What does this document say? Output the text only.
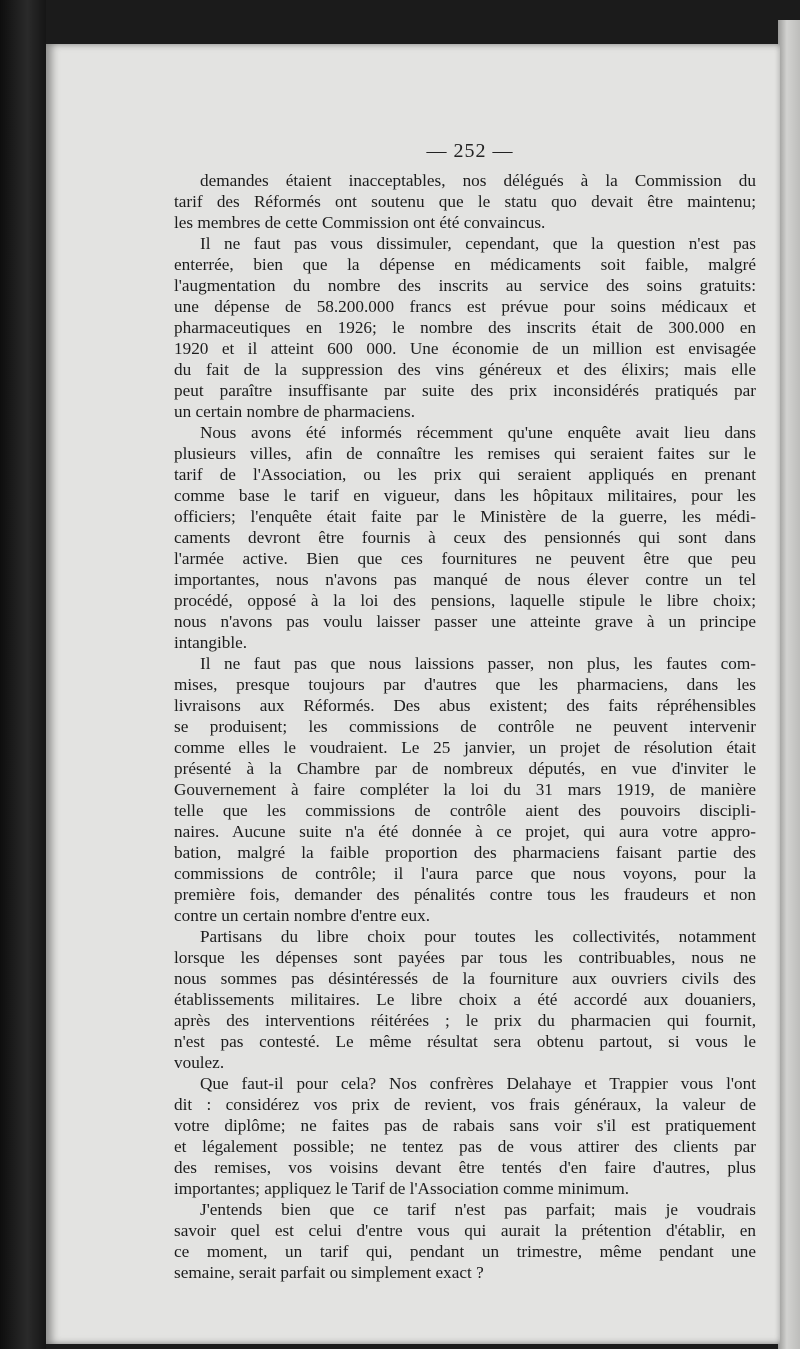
— 252 —
demandes étaient inacceptables, nos délégués à la Commission du
tarif des Réformés ont soutenu que le statu quo devait être maintenu;
les membres de cette Commission ont été convaincus.
Il ne faut pas vous dissimuler, cependant, que la question n'est pas
enterrée, bien que la dépense en médicaments soit faible, malgré
l'augmentation du nombre des inscrits au service des soins gratuits:
une dépense de 58.200.000 francs est prévue pour soins médicaux et
pharmaceutiques en 1926; le nombre des inscrits était de 300.000 en
1920 et il atteint 600 000. Une économie de un million est envisagée
du fait de la suppression des vins généreux et des élixirs; mais elle
peut paraître insuffisante par suite des prix inconsidérés pratiqués par
un certain nombre de pharmaciens.
Nous avons été informés récemment qu'une enquête avait lieu dans
plusieurs villes, afin de connaître les remises qui seraient faites sur le
tarif de l'Association, ou les prix qui seraient appliqués en prenant
comme base le tarif en vigueur, dans les hôpitaux militaires, pour les
officiers; l'enquête était faite par le Ministère de la guerre, les médi-
caments devront être fournis à ceux des pensionnés qui sont dans
l'armée active. Bien que ces fournitures ne peuvent être que peu
importantes, nous n'avons pas manqué de nous élever contre un tel
procédé, opposé à la loi des pensions, laquelle stipule le libre choix;
nous n'avons pas voulu laisser passer une atteinte grave à un principe
intangible.
Il ne faut pas que nous laissions passer, non plus, les fautes com-
mises, presque toujours par d'autres que les pharmaciens, dans les
livraisons aux Réformés. Des abus existent; des faits répréhensibles
se produisent; les commissions de contrôle ne peuvent intervenir
comme elles le voudraient. Le 25 janvier, un projet de résolution était
présenté à la Chambre par de nombreux députés, en vue d'inviter le
Gouvernement à faire compléter la loi du 31 mars 1919, de manière
telle que les commissions de contrôle aient des pouvoirs discipli-
naires. Aucune suite n'a été donnée à ce projet, qui aura votre appro-
bation, malgré la faible proportion des pharmaciens faisant partie des
commissions de contrôle; il l'aura parce que nous voyons, pour la
première fois, demander des pénalités contre tous les fraudeurs et non
contre un certain nombre d'entre eux.
Partisans du libre choix pour toutes les collectivités, notamment
lorsque les dépenses sont payées par tous les contribuables, nous ne
nous sommes pas désintéressés de la fourniture aux ouvriers civils des
établissements militaires. Le libre choix a été accordé aux douaniers,
après des interventions réitérées ; le prix du pharmacien qui fournit,
n'est pas contesté. Le même résultat sera obtenu partout, si vous le
voulez.
Que faut-il pour cela? Nos confrères Delahaye et Trappier vous l'ont
dit : considérez vos prix de revient, vos frais généraux, la valeur de
votre diplôme; ne faites pas de rabais sans voir s'il est pratiquement
et légalement possible; ne tentez pas de vous attirer des clients par
des remises, vos voisins devant être tentés d'en faire d'autres, plus
importantes; appliquez le Tarif de l'Association comme minimum.
J'entends bien que ce tarif n'est pas parfait; mais je voudrais
savoir quel est celui d'entre vous qui aurait la prétention d'établir, en
ce moment, un tarif qui, pendant un trimestre, même pendant une
semaine, serait parfait ou simplement exact ?
